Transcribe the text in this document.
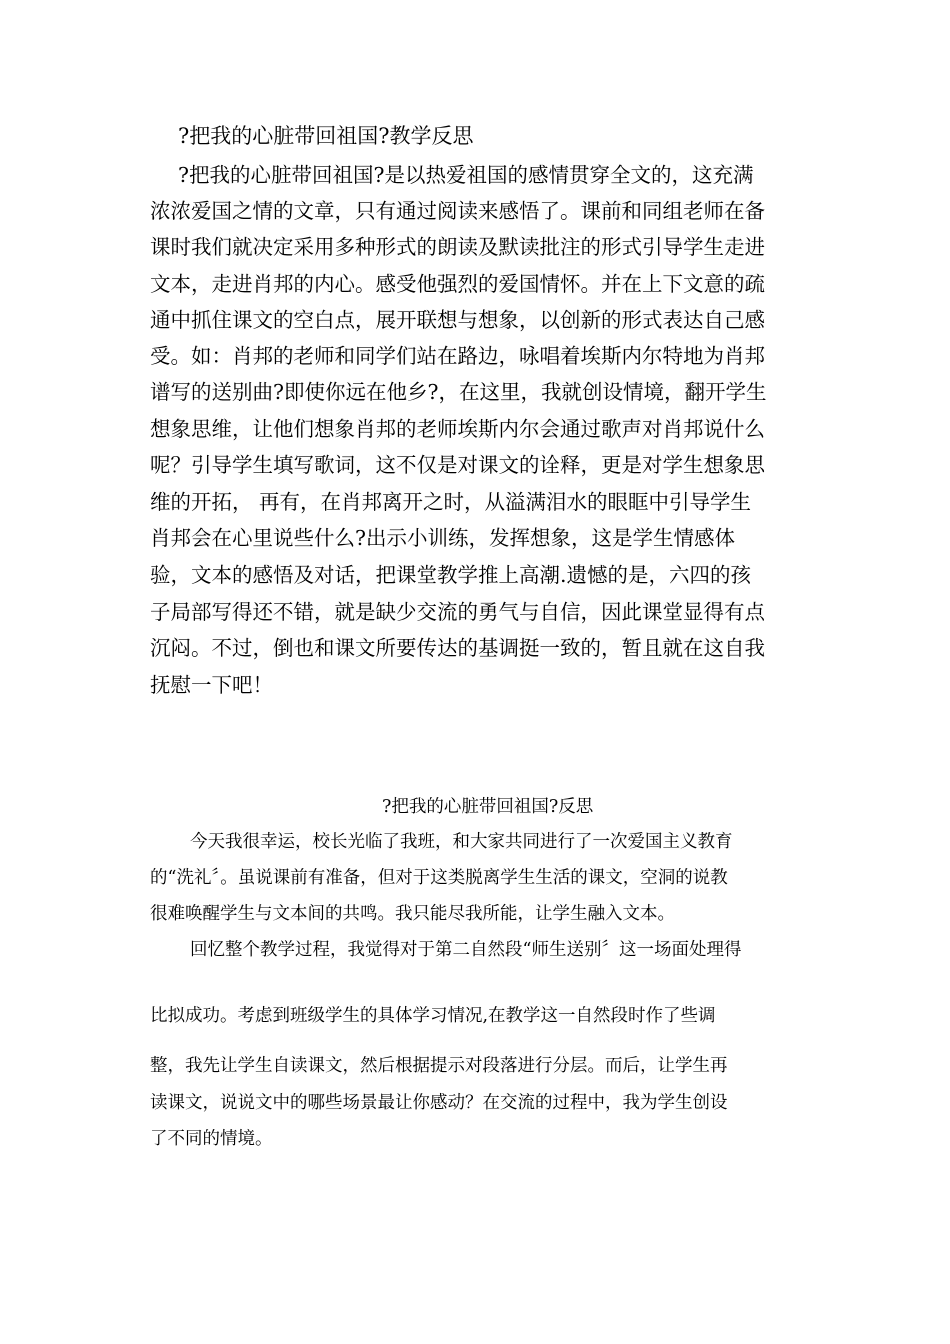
?把我的心脏带回祖国?教学反思
?把我的心脏带回祖国?是以热爱祖国的感情贯穿全文的，这充满
浓浓爱国之情的文章，只有通过阅读来感悟了。课前和同组老师在备
课时我们就决定采用多种形式的朗读及默读批注的形式引导学生走进
文本，走进肖邦的内心。感受他强烈的爱国情怀。并在上下文意的疏
通中抓住课文的空白点，展开联想与想象，以创新的形式表达自己感
受。如：肖邦的老师和同学们站在路边，咏唱着埃斯内尔特地为肖邦
谱写的送别曲?即使你远在他乡?，在这里，我就创设情境，翻开学生
想象思维，让他们想象肖邦的老师埃斯内尔会通过歌声对肖邦说什么
呢？引导学生填写歌词，这不仅是对课文的诠释，更是对学生想象思
维的开拓， 再有，在肖邦离开之时，从溢满泪水的眼眶中引导学生
肖邦会在心里说些什么?出示小训练，发挥想象，这是学生情感体
验，文本的感悟及对话，把课堂教学推上高潮.遗憾的是，六四的孩
子局部写得还不错，就是缺少交流的勇气与自信，因此课堂显得有点
沉闷。不过，倒也和课文所要传达的基调挺一致的，暂且就在这自我
抚慰一下吧！
?把我的心脏带回祖国?反思
今天我很幸运，校长光临了我班，和大家共同进行了一次爱国主义教育
的“洗礼〞。虽说课前有准备，但对于这类脱离学生生活的课文，空洞的说教
很难唤醒学生与文本间的共鸣。我只能尽我所能，让学生融入文本。
回忆整个教学过程，我觉得对于第二自然段“师生送别〞这一场面处理得
比拟成功。考虑到班级学生的具体学习情况,在教学这一自然段时作了些调
整，我先让学生自读课文，然后根据提示对段落进行分层。而后，让学生再
读课文，说说文中的哪些场景最让你感动？在交流的过程中，我为学生创设
了不同的情境。
